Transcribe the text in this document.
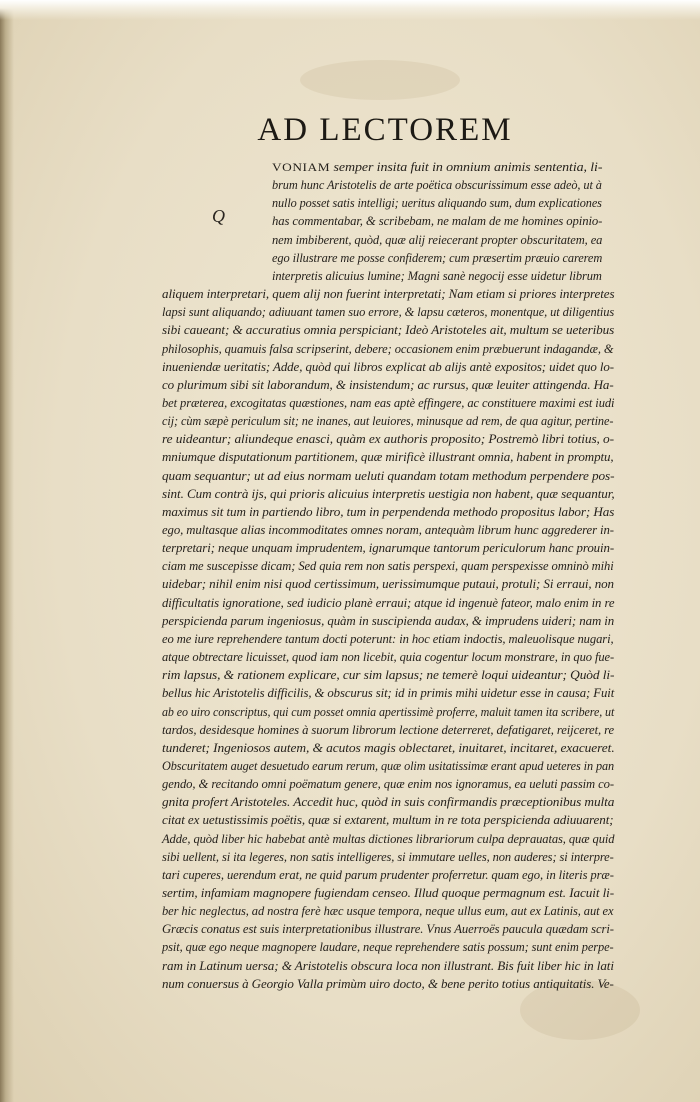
AD LECTOREM
Q
VONIAM semper insita fuit in omnium animis sententia, li-
brum hunc Aristotelis de arte poëtica obscurissimum esse adeò, ut à
nullo posset satis intelligi; ueritus aliquando sum, dum explicationes
has commentabar, & scribebam, ne malam de me homines opinio-
nem imbiberent, quòd, quæ alij reiecerant propter obscuritatem, ea
ego illustrare me posse confiderem; cum præsertim præuio carerem
interpretis alicuius lumine; Magni sanè negocij esse uidetur librum
aliquem interpretari, quem alij non fuerint interpretati; Nam etiam si priores interpretes
lapsi sunt aliquando; adiuuant tamen suo errore, & lapsu cæteros, monentque, ut diligentius
sibi caueant; & accuratius omnia perspiciant; Ideò Aristoteles ait, multum se ueteribus
philosophis, quamuis falsa scripserint, debere; occasionem enim præbuerunt indagandæ, &
inueniendæ ueritatis; Adde, quòd qui libros explicat ab alijs antè expositos; uidet quo lo-
co plurimum sibi sit laborandum, & insistendum; ac rursus, quæ leuiter attingenda. Ha-
bet præterea, excogitatas quæstiones, nam eas aptè effingere, ac constituere maximi est iudi
cij; cùm sæpè periculum sit; ne inanes, aut leuiores, minusque ad rem, de qua agitur, pertine-
re uideantur; aliundeque enasci, quàm ex authoris proposito; Postremò libri totius, o-
mniumque disputationum partitionem, quæ mirificè illustrant omnia, habent in promptu,
quam sequantur; ut ad eius normam ueluti quandam totam methodum perpendere pos-
sint. Cum contrà ijs, qui prioris alicuius interpretis uestigia non habent, quæ sequantur,
maximus sit tum in partiendo libro, tum in perpendenda methodo propositus labor; Has
ego, multasque alias incommoditates omnes noram, antequàm librum hunc aggrederer in-
terpretari; neque unquam imprudentem, ignarumque tantorum periculorum hanc prouin-
ciam me suscepisse dicam; Sed quia rem non satis perspexi, quam perspexisse omninò mihi
uidebar; nihil enim nisi quod certissimum, uerissimumque putaui, protuli; Si erraui, non
difficultatis ignoratione, sed iudicio planè erraui; atque id ingenuè fateor, malo enim in re
perspicienda parum ingeniosus, quàm in suscipienda audax, & imprudens uideri; nam in
eo me iure reprehendere tantum docti poterunt: in hoc etiam indoctis, maleuolisque nugari,
atque obtrectare licuisset, quod iam non licebit, quia cogentur locum monstrare, in quo fue-
rim lapsus, & rationem explicare, cur sim lapsus; ne temerè loqui uideantur; Quòd li-
bellus hic Aristotelis difficilis, & obscurus sit; id in primis mihi uidetur esse in causa; Fuit
ab eo uiro conscriptus, qui cum posset omnia apertissimè proferre, maluit tamen ita scribere, ut
tardos, desidesque homines à suorum librorum lectione deterreret, defatigaret, reijceret, re
tunderet; Ingeniosos autem, & acutos magis oblectaret, inuitaret, incitaret, exacueret.
Obscuritatem auget desuetudo earum rerum, quæ olim usitatissimæ erant apud ueteres in pan
gendo, & recitando omni poëmatum genere, quæ enim nos ignoramus, ea ueluti passim co-
gnita profert Aristoteles. Accedit huc, quòd in suis confirmandis præceptionibus multa
citat ex uetustissimis poëtis, quæ si extarent, multum in re tota perspicienda adiuuarent;
Adde, quòd liber hic habebat antè multas dictiones librariorum culpa deprauatas, quæ quid
sibi uellent, si ita legeres, non satis intelligeres, si immutare uelles, non auderes; si interpre-
tari cuperes, uerendum erat, ne quid parum prudenter proferretur. quam ego, in literis præ-
sertim, infamiam magnopere fugiendam censeo. Illud quoque permagnum est. Iacuit li-
ber hic neglectus, ad nostra ferè hæc usque tempora, neque ullus eum, aut ex Latinis, aut ex
Græcis conatus est suis interpretationibus illustrare. Vnus Auerroës paucula quædam scri-
psit, quæ ego neque magnopere laudare, neque reprehendere satis possum; sunt enim perpe-
ram in Latinum uersa; & Aristotelis obscura loca non illustrant. Bis fuit liber hic in lati
num conuersus à Georgio Valla primùm uiro docto, & bene perito totius antiquitatis. Ve-
